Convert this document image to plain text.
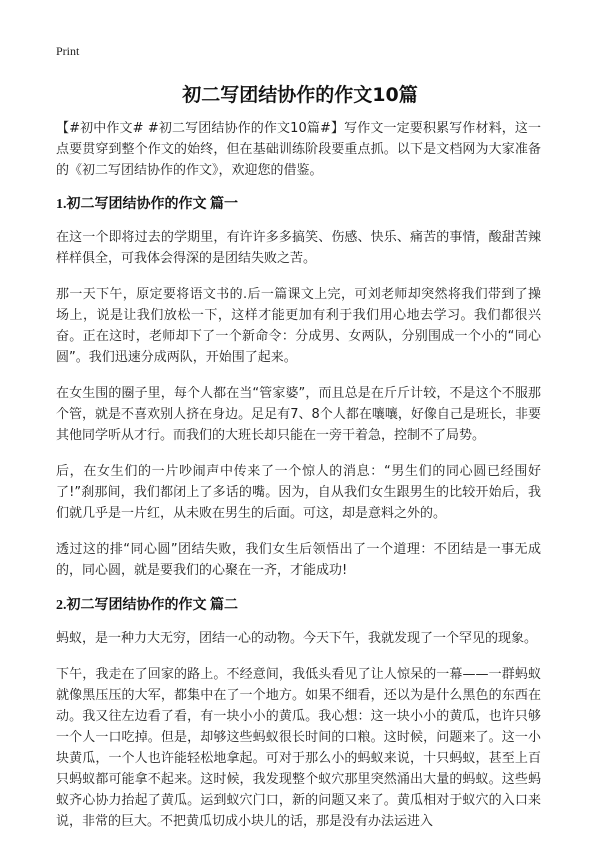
Print
初二写团结协作的作文10篇

【#初中作文# #初二写团结协作的作文10篇#】写作文一定要积累写作材料，这一点要贯穿到整个作文的始终，但在基础训练阶段要重点抓。以下是文档网为大家准备的《初二写团结协作的作文》，欢迎您的借鉴。

1.初二写团结协作的作文 篇一

在这一个即将过去的学期里，有许许多多搞笑、伤感、快乐、痛苦的事情，酸甜苦辣样样俱全，可我体会得深的是团结失败之苦。

那一天下午，原定要将语文书的.后一篇课文上完，可刘老师却突然将我们带到了操场上，说是让我们放松一下，这样才能更加有利于我们用心地去学习。我们都很兴奋。正在这时，老师却下了一个新命令：分成男、女两队，分别围成一个小的“同心圆”。我们迅速分成两队，开始围了起来。

在女生围的圈子里，每个人都在当“管家婆”，而且总是在斤斤计较，不是这个不服那个管，就是不喜欢别人挤在身边。足足有7、8个人都在嚷嚷，好像自己是班长，非要其他同学听从才行。而我们的大班长却只能在一旁干着急，控制不了局势。

后，在女生们的一片吵闹声中传来了一个惊人的消息：“男生们的同心圆已经围好了!”刹那间，我们都闭上了多话的嘴。因为，自从我们女生跟男生的比较开始后，我们就几乎是一片红，从未败在男生的后面。可这，却是意料之外的。

透过这的排“同心圆”团结失败，我们女生后领悟出了一个道理：不团结是一事无成的，同心圆，就是要我们的心聚在一齐，才能成功!

2.初二写团结协作的作文 篇二

蚂蚁，是一种力大无穷，团结一心的动物。今天下午，我就发现了一个罕见的现象。

下午，我走在了回家的路上。不经意间，我低头看见了让人惊呆的一幕——一群蚂蚁就像黑压压的大军，都集中在了一个地方。如果不细看，还以为是什么黑色的东西在动。我又往左边看了看，有一块小小的黄瓜。我心想：这一块小小的黄瓜，也许只够一个人一口吃掉。但是，却够这些蚂蚁很长时间的口粮。这时候，问题来了。这一小块黄瓜，一个人也许能轻松地拿起。可对于那么小的蚂蚁来说，十只蚂蚁，甚至上百只蚂蚁都可能拿不起来。这时候，我发现整个蚁穴那里突然涌出大量的蚂蚁。这些蚂蚁齐心协力抬起了黄瓜。运到蚁穴门口，新的问题又来了。黄瓜相对于蚁穴的入口来说，非常的巨大。不把黄瓜切成小块儿的话，那是没有办法运进入
